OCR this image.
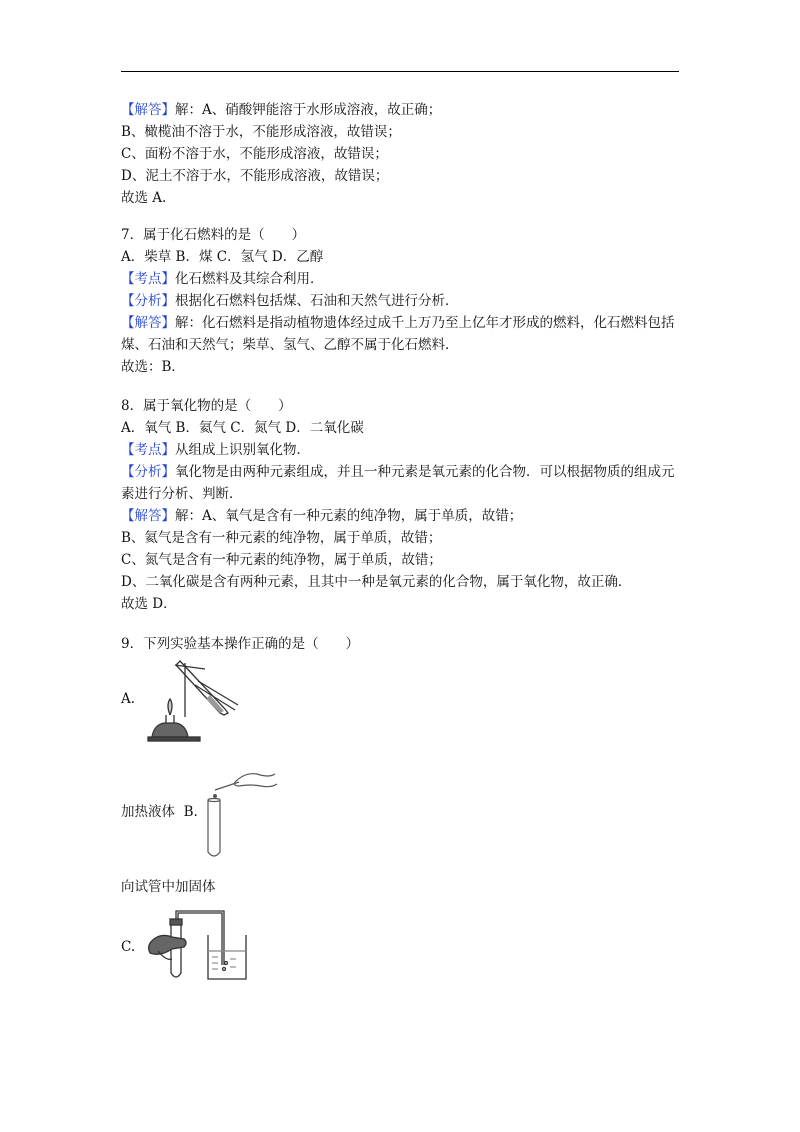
【解答】解：A、硝酸钾能溶于水形成溶液，故正确；
B、橄榄油不溶于水，不能形成溶液，故错误；
C、面粉不溶于水，不能形成溶液，故错误；
D、泥土不溶于水，不能形成溶液，故错误；
故选 A.
7．属于化石燃料的是（　　）
A．柴草 B．煤 C．氢气 D．乙醇
【考点】化石燃料及其综合利用．
【分析】根据化石燃料包括煤、石油和天然气进行分析．
【解答】解：化石燃料是指动植物遗体经过成千上万乃至上亿年才形成的燃料，化石燃料包括
煤、石油和天然气；柴草、氢气、乙醇不属于化石燃料．
故选：B．
8．属于氧化物的是（　　）
A．氧气 B．氦气 C．氮气 D．二氧化碳
【考点】从组成上识别氧化物．
【分析】氧化物是由两种元素组成，并且一种元素是氧元素的化合物．可以根据物质的组成元
素进行分析、判断．
【解答】解：A、氧气是含有一种元素的纯净物，属于单质，故错；
B、氦气是含有一种元素的纯净物，属于单质，故错；
C、氮气是含有一种元素的纯净物，属于单质，故错；
D、二氧化碳是含有两种元素，且其中一种是氧元素的化合物，属于氧化物，故正确．
故选 D．
9．下列实验基本操作正确的是（　　）
A.
加热液体 B.
向试管中加固体
C.
